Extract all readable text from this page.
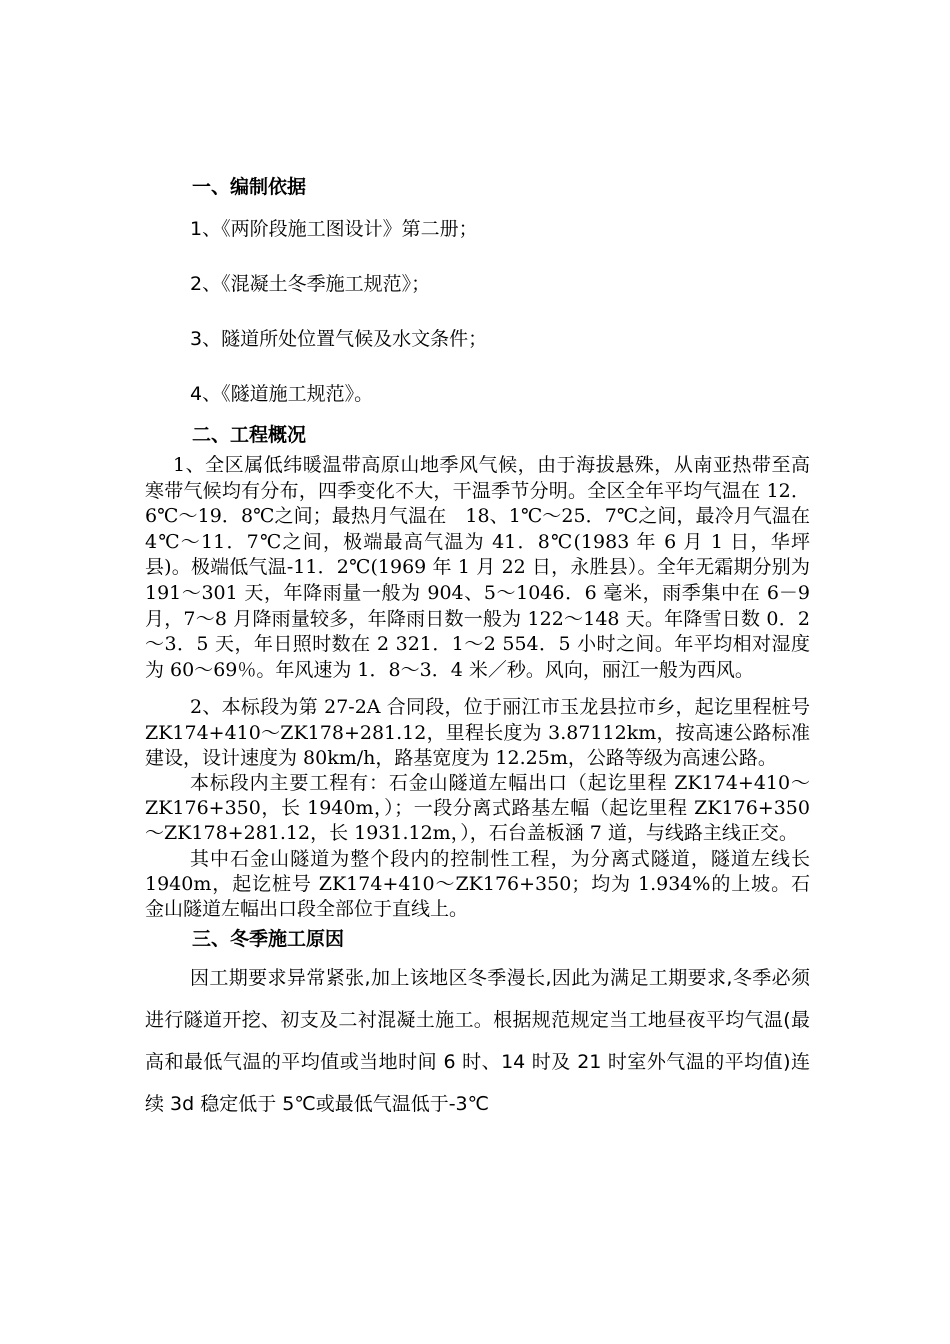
一、编制依据

1、《两阶段施工图设计》第二册；

2、《混凝土冬季施工规范》；

3、隧道所处位置气候及水文条件；

4、《隧道施工规范》。

二、工程概况

1、全区属低纬暖温带高原山地季风气候，由于海拔悬殊，从南亚热带至高寒带气候均有分布，四季变化不大，干温季节分明。全区全年平均气温在 12．6℃～19．8℃之间；最热月气温在　18、1℃～25．7℃之间，最冷月气温在 4℃～11．7℃之间，极端最高气温为 41．8℃(1983 年 6 月 1 日，华坪县)。极端低气温-11．2℃(1969 年 1 月 22 日，永胜县）。全年无霜期分别为 191～301 天，年降雨量一般为 904、5～1046．6 毫米，雨季集中在 6－9 月，7～8 月降雨量较多，年降雨日数一般为 122～148 天。年降雪日数 0．2～3．5 天，年日照时数在 2 321．1～2 554．5 小时之间。年平均相对湿度为 60～69％。年风速为 1．8～3．4 米／秒。风向，丽江一般为西风。

2、本标段为第 27-2A 合同段，位于丽江市玉龙县拉市乡，起讫里程桩号 ZK174+410～ZK178+281.12，里程长度为 3.87112km，按高速公路标准建设，设计速度为 80km/h，路基宽度为 12.25m，公路等级为高速公路。

本标段内主要工程有：石金山隧道左幅出口（起讫里程 ZK174+410～ZK176+350，长 1940m，）；一段分离式路基左幅（起讫里程 ZK176+350～ZK178+281.12，长 1931.12m，），石台盖板涵 7 道，与线路主线正交。

其中石金山隧道为整个段内的控制性工程，为分离式隧道，隧道左线长 1940m，起讫桩号 ZK174+410～ZK176+350；均为 1.934%的上坡。石金山隧道左幅出口段全部位于直线上。

三、冬季施工原因

因工期要求异常紧张,加上该地区冬季漫长,因此为满足工期要求,冬季必须进行隧道开挖、初支及二衬混凝土施工。根据规范规定当工地昼夜平均气温(最高和最低气温的平均值或当地时间 6 时、14 时及 21 时室外气温的平均值)连续 3d 稳定低于 5℃或最低气温低于-3℃
